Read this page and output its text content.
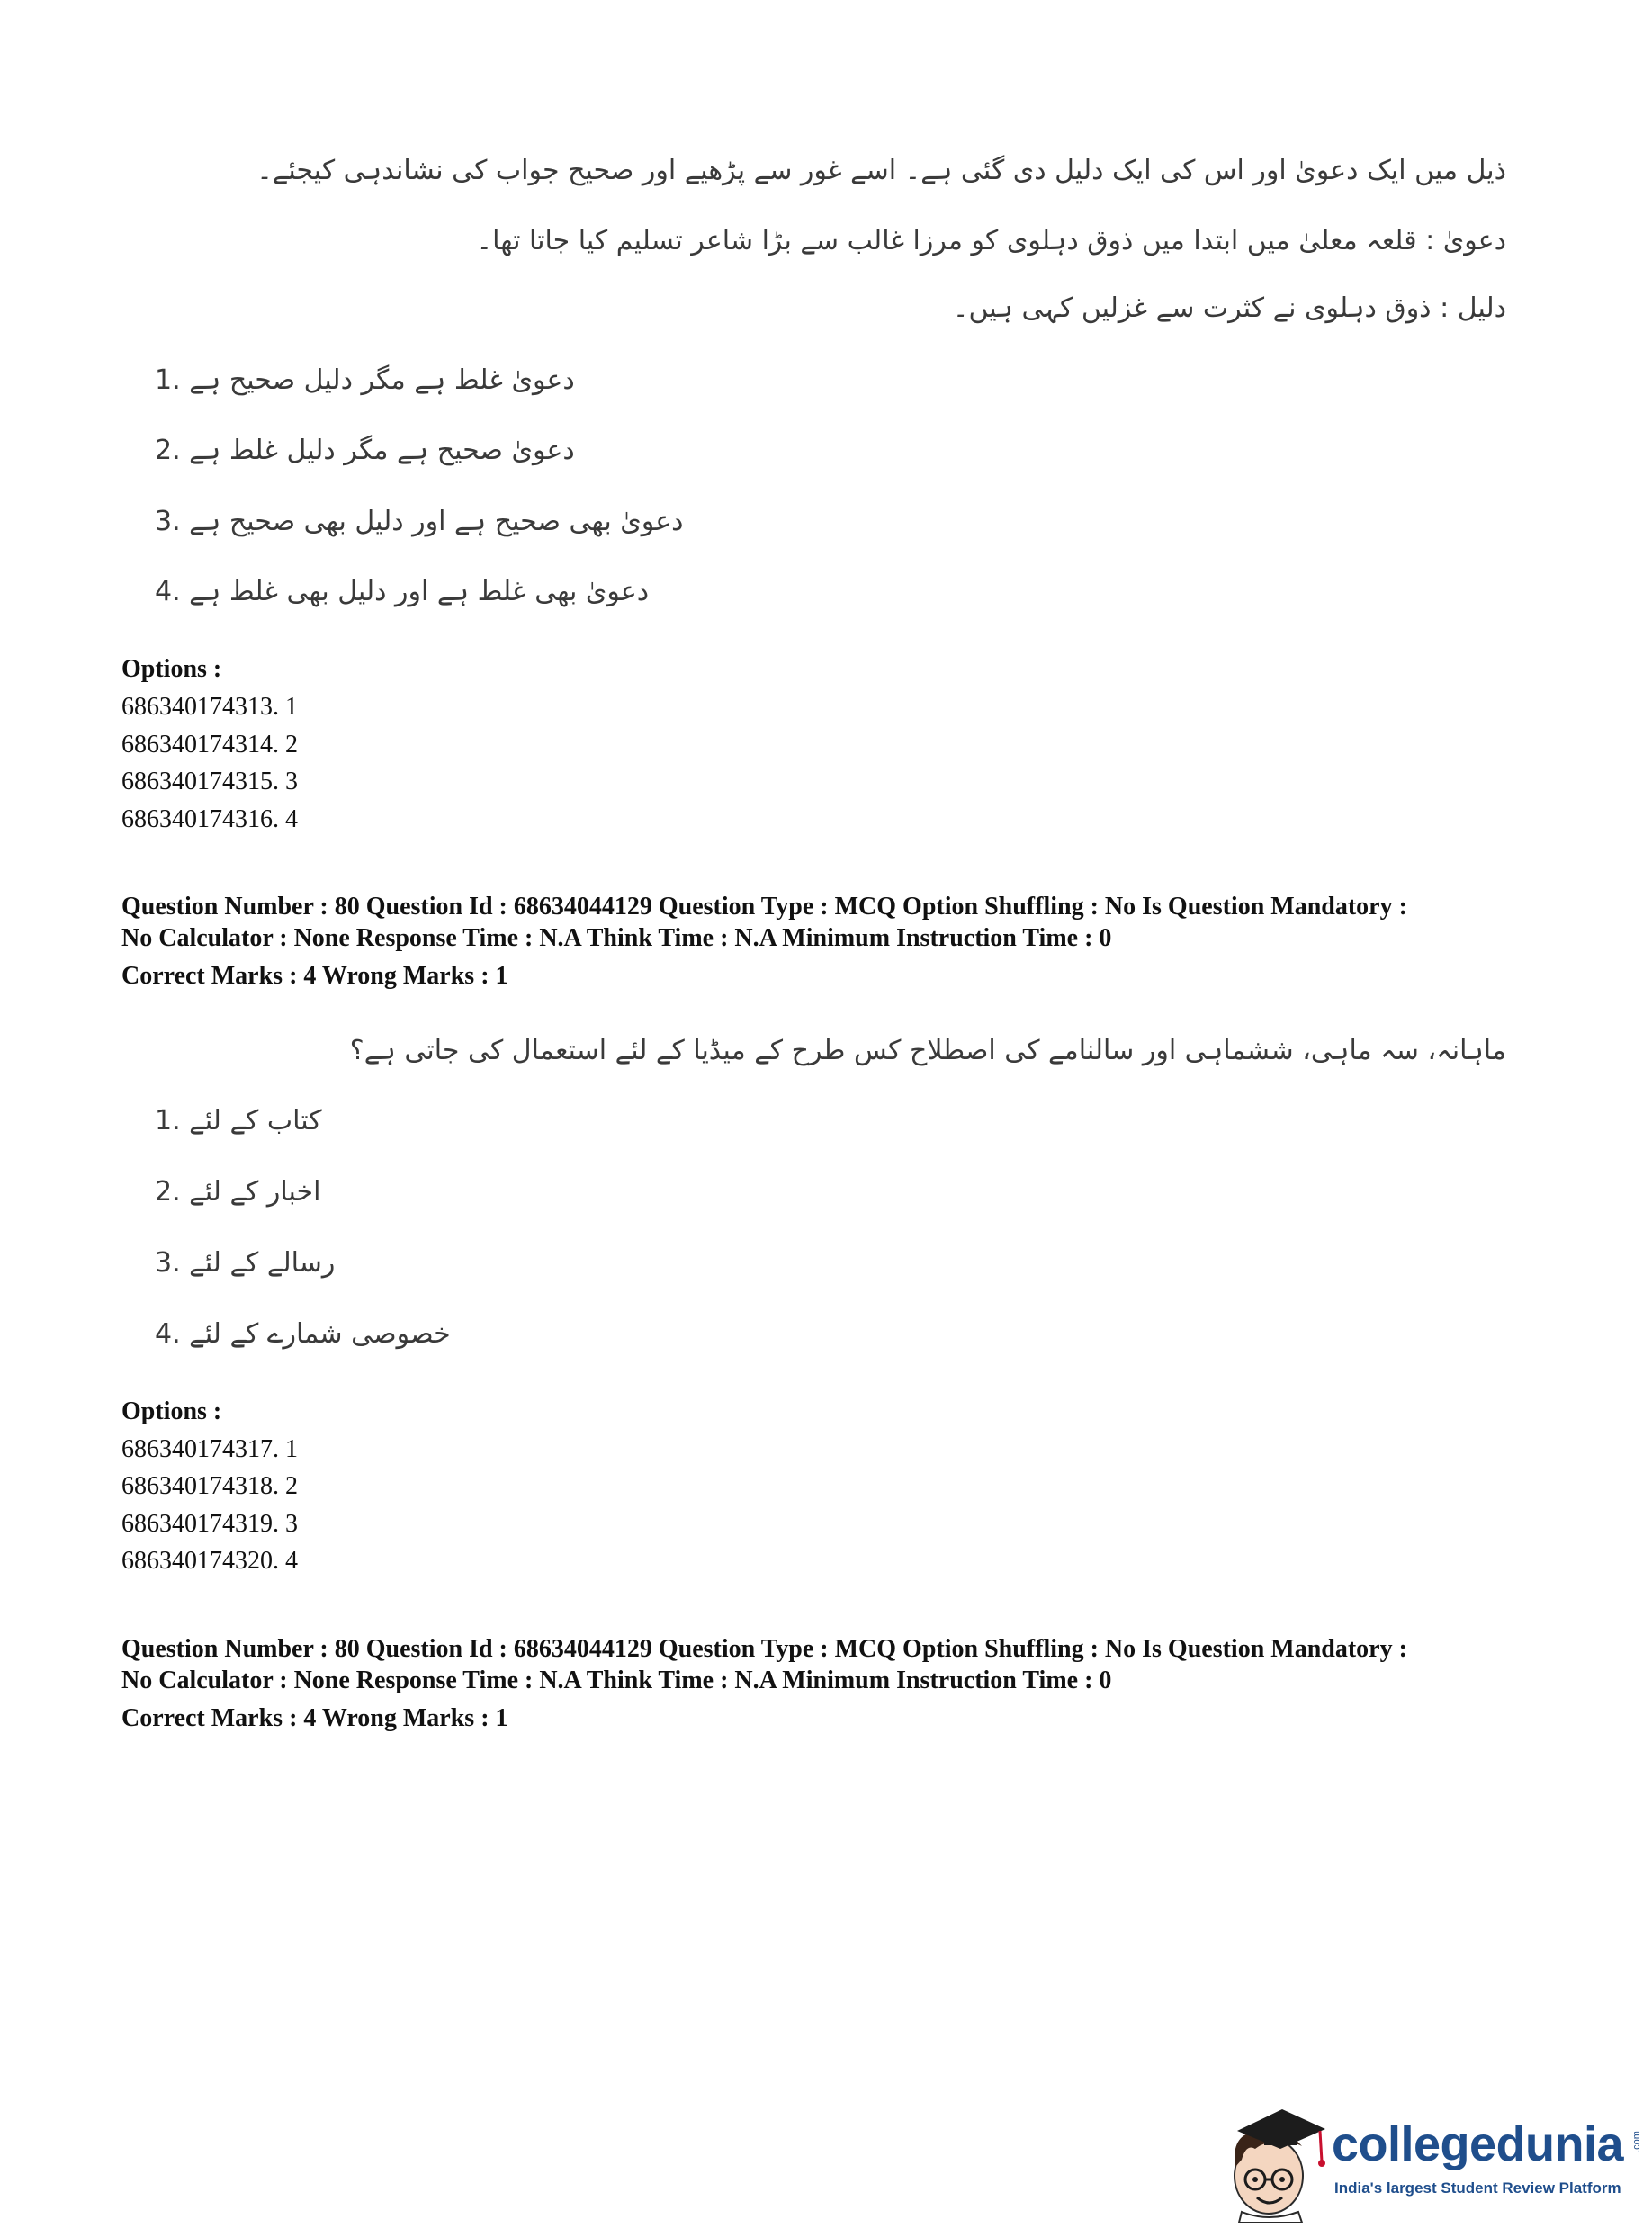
ذیل میں ایک دعویٰ اور اس کی ایک دلیل دی گئی ہے۔ اسے غور سے پڑھیے اور صحیح جواب کی نشاندہی کیجئے۔
دعویٰ : قلعہ معلیٰ میں ابتدا میں ذوق دہلوی کو مرزا غالب سے بڑا شاعر تسلیم کیا جاتا تھا۔
دلیل : ذوق دہلوی نے کثرت سے غزلیں کہی ہیں۔
1. دعویٰ غلط ہے مگر دلیل صحیح ہے
2. دعویٰ صحیح ہے مگر دلیل غلط ہے
3. دعویٰ بھی صحیح ہے اور دلیل بھی صحیح ہے
4. دعویٰ بھی غلط ہے اور دلیل بھی غلط ہے
Options :
686340174313. 1
686340174314. 2
686340174315. 3
686340174316. 4
Question Number : 80 Question Id : 68634044129 Question Type : MCQ Option Shuffling : No Is Question Mandatory :
No Calculator : None Response Time : N.A Think Time : N.A Minimum Instruction Time : 0
Correct Marks : 4 Wrong Marks : 1
ماہانہ، سہ ماہی، ششماہی اور سالنامے کی اصطلاح کس طرح کے میڈیا کے لئے استعمال کی جاتی ہے؟
1. کتاب کے لئے
2. اخبار کے لئے
3. رسالے کے لئے
4. خصوصی شمارے کے لئے
Options :
686340174317. 1
686340174318. 2
686340174319. 3
686340174320. 4
Question Number : 80 Question Id : 68634044129 Question Type : MCQ Option Shuffling : No Is Question Mandatory :
No Calculator : None Response Time : N.A Think Time : N.A Minimum Instruction Time : 0
Correct Marks : 4 Wrong Marks : 1
collegedunia .com
India's largest Student Review Platform
